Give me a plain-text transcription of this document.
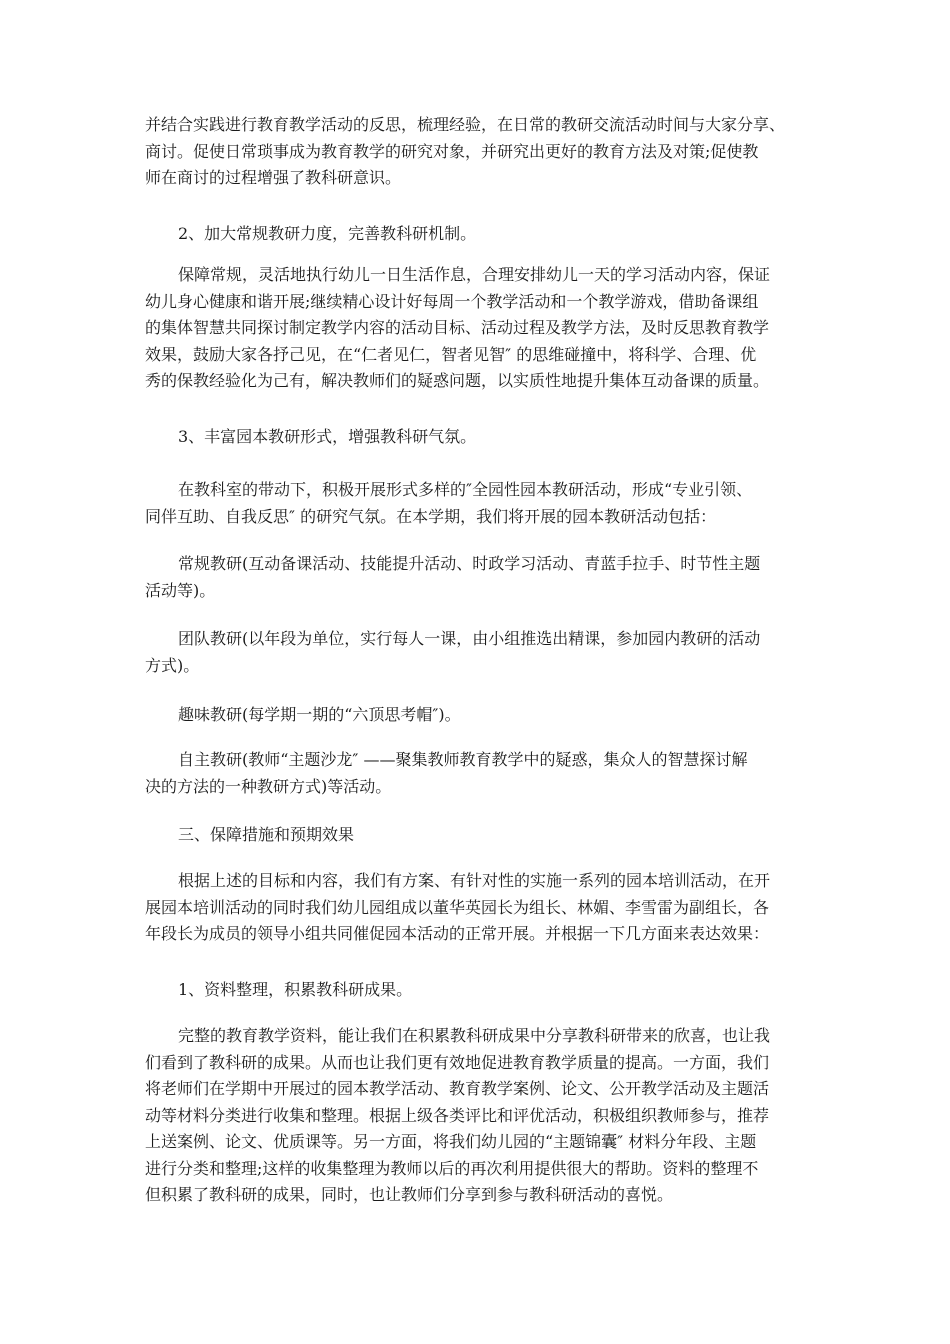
并结合实践进行教育教学活动的反思，梳理经验，在日常的教研交流活动时间与大家分享、
商讨。促使日常琐事成为教育教学的研究对象，并研究出更好的教育方法及对策;促使教
师在商讨的过程增强了教科研意识。
2、加大常规教研力度，完善教科研机制。
保障常规，灵活地执行幼儿一日生活作息，合理安排幼儿一天的学习活动内容，保证
幼儿身心健康和谐开展;继续精心设计好每周一个教学活动和一个教学游戏，借助备课组
的集体智慧共同探讨制定教学内容的活动目标、活动过程及教学方法，及时反思教育教学
效果，鼓励大家各抒己见，在“仁者见仁，智者见智″ 的思维碰撞中，将科学、合理、优
秀的保教经验化为己有，解决教师们的疑惑问题，以实质性地提升集体互动备课的质量。
3、丰富园本教研形式，增强教科研气氛。
在教科室的带动下，积极开展形式多样的″全园性园本教研活动，形成“专业引领、
同伴互助、自我反思″ 的研究气氛。在本学期，我们将开展的园本教研活动包括：
常规教研(互动备课活动、技能提升活动、时政学习活动、青蓝手拉手、时节性主题
活动等)。
团队教研(以年段为单位，实行每人一课，由小组推选出精课，参加园内教研的活动
方式)。
趣味教研(每学期一期的“六顶思考帽″)。
自主教研(教师“主题沙龙″ ——聚集教师教育教学中的疑惑，集众人的智慧探讨解
决的方法的一种教研方式)等活动。
三、保障措施和预期效果
根据上述的目标和内容，我们有方案、有针对性的实施一系列的园本培训活动，在开
展园本培训活动的同时我们幼儿园组成以董华英园长为组长、林媚、李雪雷为副组长，各
年段长为成员的领导小组共同催促园本活动的正常开展。并根据一下几方面来表达效果：
1、资料整理，积累教科研成果。
完整的教育教学资料，能让我们在积累教科研成果中分享教科研带来的欣喜，也让我
们看到了教科研的成果。从而也让我们更有效地促进教育教学质量的提高。一方面，我们
将老师们在学期中开展过的园本教学活动、教育教学案例、论文、公开教学活动及主题活
动等材料分类进行收集和整理。根据上级各类评比和评优活动，积极组织教师参与，推荐
上送案例、论文、优质课等。另一方面，将我们幼儿园的“主题锦囊″ 材料分年段、主题
进行分类和整理;这样的收集整理为教师以后的再次利用提供很大的帮助。资料的整理不
但积累了教科研的成果，同时，也让教师们分享到参与教科研活动的喜悦。
